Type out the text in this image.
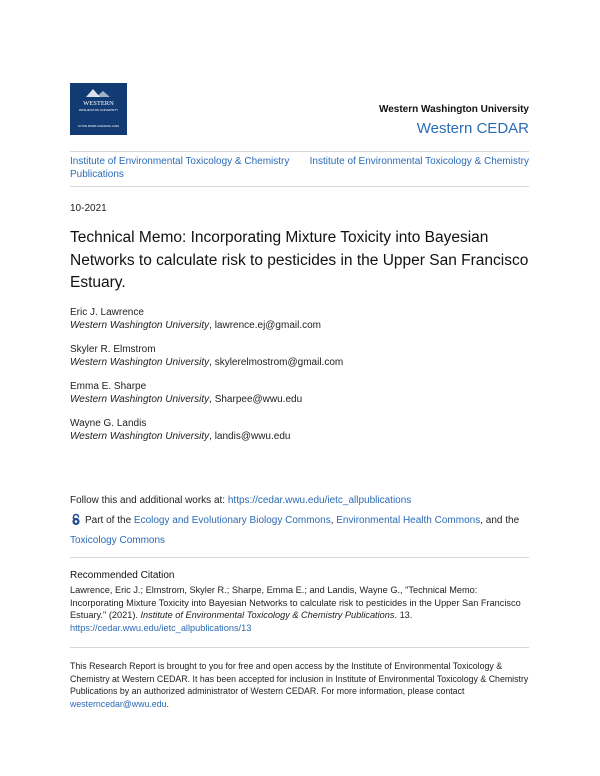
WESTERN
WASHINGTON UNIVERSITY
ACTIVE MINDS CHANGING LIVES
Western Washington University
Western CEDAR
Institute of Environmental Toxicology & Chemistry Publications
Institute of Environmental Toxicology & Chemistry
10-2021
Technical Memo: Incorporating Mixture Toxicity into Bayesian Networks to calculate risk to pesticides in the Upper San Francisco Estuary.
Eric J. Lawrence
Western Washington University, lawrence.ej@gmail.com
Skyler R. Elmstrom
Western Washington University, skylerelmostrom@gmail.com
Emma E. Sharpe
Western Washington University, Sharpee@wwu.edu
Wayne G. Landis
Western Washington University, landis@wwu.edu
Follow this and additional works at: https://cedar.wwu.edu/ietc_allpublications
Part of the Ecology and Evolutionary Biology Commons, Environmental Health Commons, and the
Toxicology Commons
Recommended Citation
Lawrence, Eric J.; Elmstrom, Skyler R.; Sharpe, Emma E.; and Landis, Wayne G., "Technical Memo: Incorporating Mixture Toxicity into Bayesian Networks to calculate risk to pesticides in the Upper San Francisco Estuary." (2021). Institute of Environmental Toxicology & Chemistry Publications. 13.
https://cedar.wwu.edu/ietc_allpublications/13
This Research Report is brought to you for free and open access by the Institute of Environmental Toxicology & Chemistry at Western CEDAR. It has been accepted for inclusion in Institute of Environmental Toxicology & Chemistry Publications by an authorized administrator of Western CEDAR. For more information, please contact westerncedar@wwu.edu.
